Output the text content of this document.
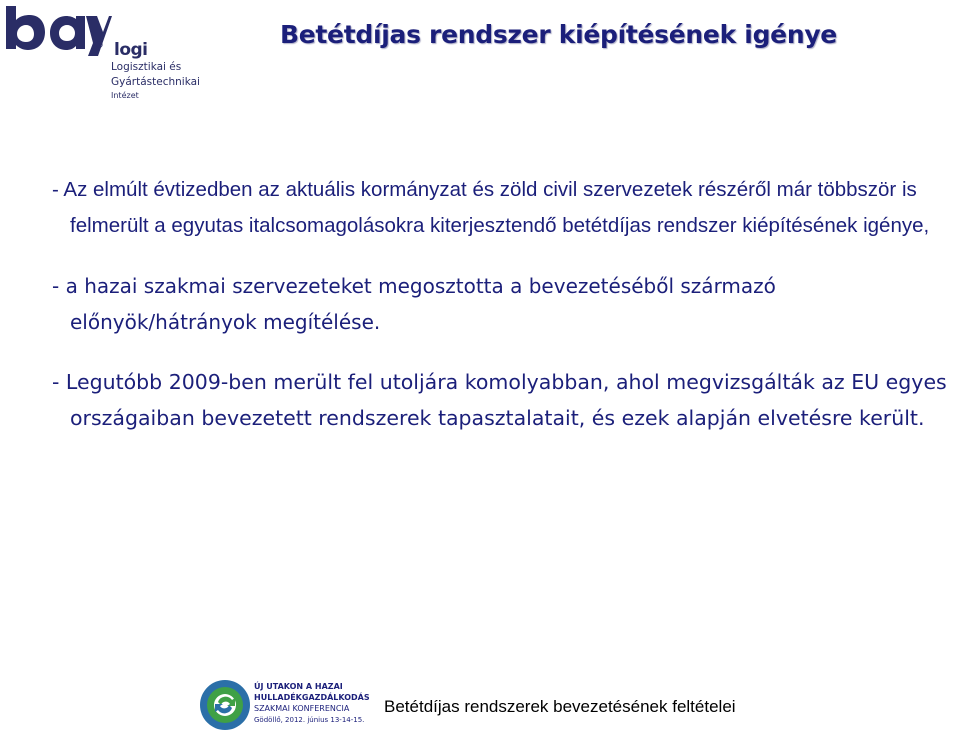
® logi
Logisztikai és
Gyártástechnikai
Intézet
Betétdíjas rendszer kiépítésének igénye

- Az elmúlt évtizedben az aktuális kormányzat és zöld civil szervezetek részéről már többször is felmerült a egyutas italcsomagolásokra kiterjesztendő betétdíjas rendszer kiépítésének igénye,

- a hazai szakmai szervezeteket megosztotta a bevezetéséből származó előnyök/hátrányok megítélése.

- Legutóbb 2009-ben merült fel utoljára komolyabban, ahol megvizsgálták az EU egyes országaiban bevezetett rendszerek tapasztalatait, és ezek alapján elvetésre került.

ÚJ UTAKON A HAZAI
HULLADÉKGAZDÁLKODÁS
SZAKMAI KONFERENCIA
Gödöllő, 2012. június 13-14-15.
Betétdíjas rendszerek bevezetésének feltételei
